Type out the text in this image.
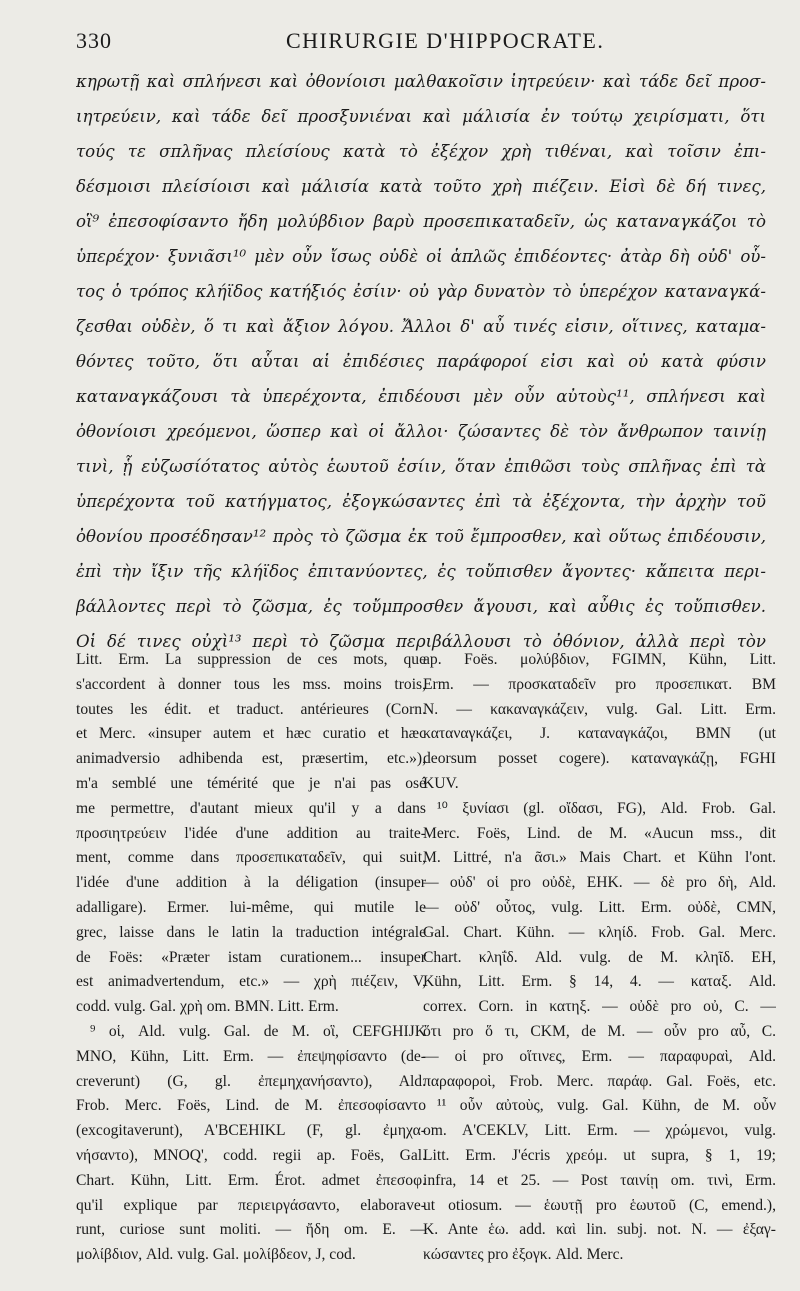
330	CHIRURGIE D'HIPPOCRATE.
κηρωτῇ καὶ σπλήνεσι καὶ ὀθονίοισι μαλθακοῖσιν ἰητρεύειν· καὶ τάδε δεῖ προσ-
ιητρεύειν, καὶ τάδε δεῖ προσξυνιέναι καὶ μάλισία ἐν τούτῳ χειρίσματι, ὅτι
τούς τε σπλῆνας πλείσίους κατὰ τὸ ἐξέχον χρὴ τιθέναι, καὶ τοῖσιν ἐπι-
δέσμοισι πλείσίοισι καὶ μάλισία κατὰ τοῦτο χρὴ πιέζειν. Εἰσὶ δὲ δή τινες,
οἳ⁹ ἐπεσοφίσαντο ἤδη μολύβδιον βαρὺ προσεπικαταδεῖν, ὡς καταναγκάζοι τὸ
ὑπερέχον· ξυνιᾶσι¹⁰ μὲν οὖν ἴσως οὐδὲ οἱ ἁπλῶς ἐπιδέοντες· ἀτὰρ δὴ οὐδ' οὗ-
τος ὁ τρόπος κλήϊδος κατήξιός ἐσίιν· οὐ γὰρ δυνατὸν τὸ ὑπερέχον καταναγκά-
ζεσθαι οὐδὲν, ὅ τι καὶ ἄξιον λόγου. Ἄλλοι δ' αὖ τινές εἰσιν, οἵτινες, καταμα-
θόντες τοῦτο, ὅτι αὗται αἱ ἐπιδέσιες παράφοροί εἰσι καὶ οὐ κατὰ φύσιν
καταναγκάζουσι τὰ ὑπερέχοντα, ἐπιδέουσι μὲν οὖν αὐτοὺς¹¹, σπλήνεσι καὶ
ὀθονίοισι χρεόμενοι, ὥσπερ καὶ οἱ ἄλλοι· ζώσαντες δὲ τὸν ἄνθρωπον ταινίῃ
τινὶ, ᾗ εὐζωσίότατος αὐτὸς ἑωυτοῦ ἐσίιν, ὅταν ἐπιθῶσι τοὺς σπλῆνας ἐπὶ τὰ
ὑπερέχοντα τοῦ κατήγματος, ἐξογκώσαντες ἐπὶ τὰ ἐξέχοντα, τὴν ἀρχὴν τοῦ
ὀθονίου προσέδησαν¹² πρὸς τὸ ζῶσμα ἐκ τοῦ ἔμπροσθεν, καὶ οὕτως ἐπιδέουσιν,
ἐπὶ τὴν ἴξιν τῆς κλήϊδος ἐπιτανύοντες, ἐς τοὔπισθεν ἄγοντες· κἄπειτα περι-
βάλλοντες περὶ τὸ ζῶσμα, ἐς τοὔμπροσθεν ἄγουσι, καὶ αὖθις ἐς τοὔπισθεν.
Οἱ δέ τινες οὐχὶ¹³ περὶ τὸ ζῶσμα περιβάλλουσι τὸ ὀθόνιον, ἀλλὰ περὶ τὸν
Litt. Erm. La suppression de ces mots, que
s'accordent à donner tous les mss. moins trois,
toutes les édit. et traduct. antérieures (Corn.
et Merc. «insuper autem et hæc curatio et hæc
animadversio adhibenda est, præsertim, etc.»),
m'a semblé une témérité que je n'ai pas osé
me permettre, d'autant mieux qu'il y a dans
προσιητρεύειν l'idée d'une addition au traite-
ment, comme dans προσεπικαταδεῖν, qui suit,
l'idée d'une addition à la déligation (insuper
adalligare). Ermer. lui-même, qui mutile le
grec, laisse dans le latin la traduction intégrale
de Foës: «Præter istam curationem... insuper
est animadvertendum, etc.» — χρὴ πιέζειν, V,
codd. vulg. Gal. χρὴ om. BMN. Litt. Erm.
⁹ οἱ, Ald. vulg. Gal. de M. οἳ, CEFGHIJK
MNO, Kühn, Litt. Erm. — ἐπεψηφίσαντο (de-
creverunt) (G, gl. ἐπεμηχανήσαντο), Ald.
Frob. Merc. Foës, Lind. de M. ἐπεσοφίσαντο
(excogitaverunt), A'BCEHIKL (F, gl. ἐμηχα-
νήσαντο), MNOQ', codd. regii ap. Foës, Gal.
Chart. Kühn, Litt. Erm. Érot. admet ἐπεσοφ.
qu'il explique par περιειργάσαντο, elaborave-
runt, curiose sunt moliti. — ἤδη om. E. —
μολίβδιον, Ald. vulg. Gal. μολίβδεον, J, cod.
ap. Foës. μολύβδιον, FGIMN, Kühn, Litt.
Erm. — προσκαταδεῖν pro προσεπικατ. BM
N. — κακαναγκάζειν, vulg. Gal. Litt. Erm.
καταναγκάζει, J. καταναγκάζοι, BMN (ut
deorsum posset cogere). καταναγκάζῃ, FGHI
KUV.
¹⁰ ξυνίασι (gl. οἴδασι, FG), Ald. Frob. Gal.
Merc. Foës, Lind. de M. «Aucun mss., dit
M. Littré, n'a ᾶσι.» Mais Chart. et Kühn l'ont.
— οὐδ' οἱ pro οὐδὲ, EHK. — δὲ pro δὴ, Ald.
— οὐδ' οὗτος, vulg. Litt. Erm. οὐδὲ, CMN,
Gal. Chart. Kühn. — κληίδ. Frob. Gal. Merc.
Chart. κληΐδ. Ald. vulg. de M. κληῖδ. EH,
Kühn, Litt. Erm. § 14, 4. — καταξ. Ald.
correx. Corn. in κατηξ. — οὐδὲ pro οὐ, C. —
ὅτι pro ὅ τι, CKM, de M. — οὖν pro αὖ, C.
— οἱ pro οἵτινες, Erm. — παραφυραὶ, Ald.
παραφοροὶ, Frob. Merc. παράφ. Gal. Foës, etc.
¹¹ οὖν αὐτοὺς, vulg. Gal. Kühn, de M. οὖν
om. A'CEKLV, Litt. Erm. — χρώμενοι, vulg.
Litt. Erm. J'écris χρεόμ. ut supra, § 1, 19;
infra, 14 et 25. — Post ταινίῃ om. τινὶ, Erm.
ut otiosum. — ἑωυτῇ pro ἑωυτοῦ (C, emend.),
K. Ante ἑω. add. καὶ lin. subj. not. N. — ἐξαγ-
κώσαντες pro ἐξογκ. Ald. Merc.
